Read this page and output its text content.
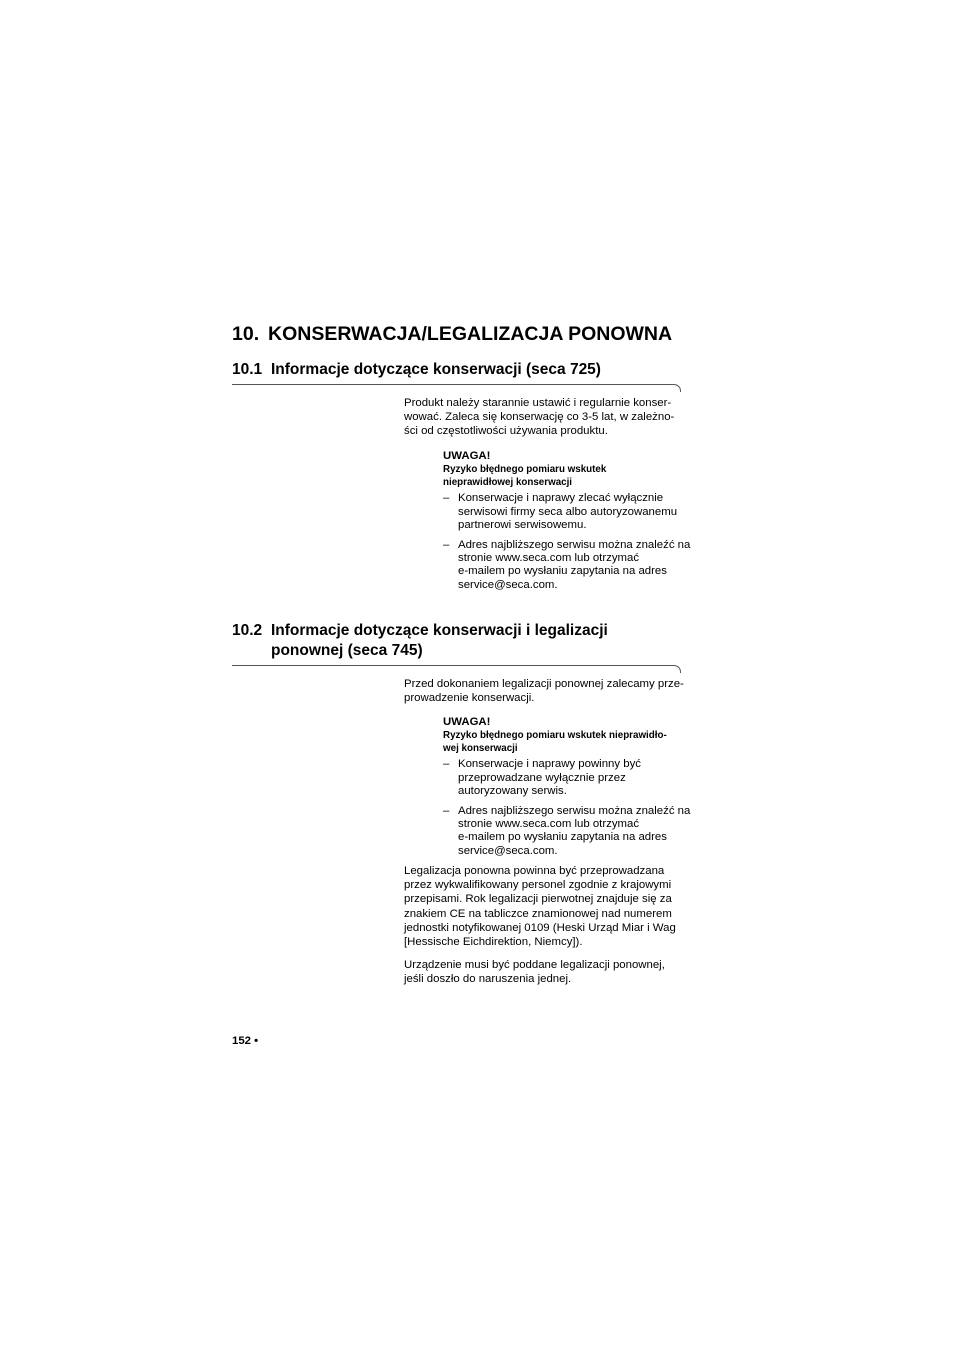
10. KONSERWACJA/LEGALIZACJA PONOWNA
10.1 Informacje dotyczące konserwacji (seca 725)

Produkt należy starannie ustawić i regularnie konser-

wować. Zaleca się konserwację co 3-5 lat, w zależno-

ści od częstotliwości używania produktu.

UWAGA!
Ryzyko błędnego pomiaru wskutek
nieprawidłowej konserwacji
– Konserwacje i naprawy zlecać wyłącznie
serwisowi firmy seca albo autoryzowanemu
partnerowi serwisowemu.
– Adres najbliższego serwisu można znaleźć na
stronie www.seca.com lub otrzymać
e-mailem po wysłaniu zapytania na adres
service@seca.com.
10.2 Informacje dotyczące konserwacji i legalizacji
ponownej (seca 745)

Przed dokonaniem legalizacji ponownej zalecamy prze-

prowadzenie konserwacji.

UWAGA!
Ryzyko błędnego pomiaru wskutek nieprawidło-
wej konserwacji
– Konserwacje i naprawy powinny być
przeprowadzane wyłącznie przez
autoryzowany serwis.
– Adres najbliższego serwisu można znaleźć na
stronie www.seca.com lub otrzymać
e-mailem po wysłaniu zapytania na adres
service@seca.com.

Legalizacja ponowna powinna być przeprowadzana

przez wykwalifikowany personel zgodnie z krajowymi

przepisami. Rok legalizacji pierwotnej znajduje się za

znakiem CE na tabliczce znamionowej nad numerem

jednostki notyfikowanej 0109 (Heski Urząd Miar i Wag

[Hessische Eichdirektion, Niemcy]).

Urządzenie musi być poddane legalizacji ponownej,

jeśli doszło do naruszenia jednej.

152 •
